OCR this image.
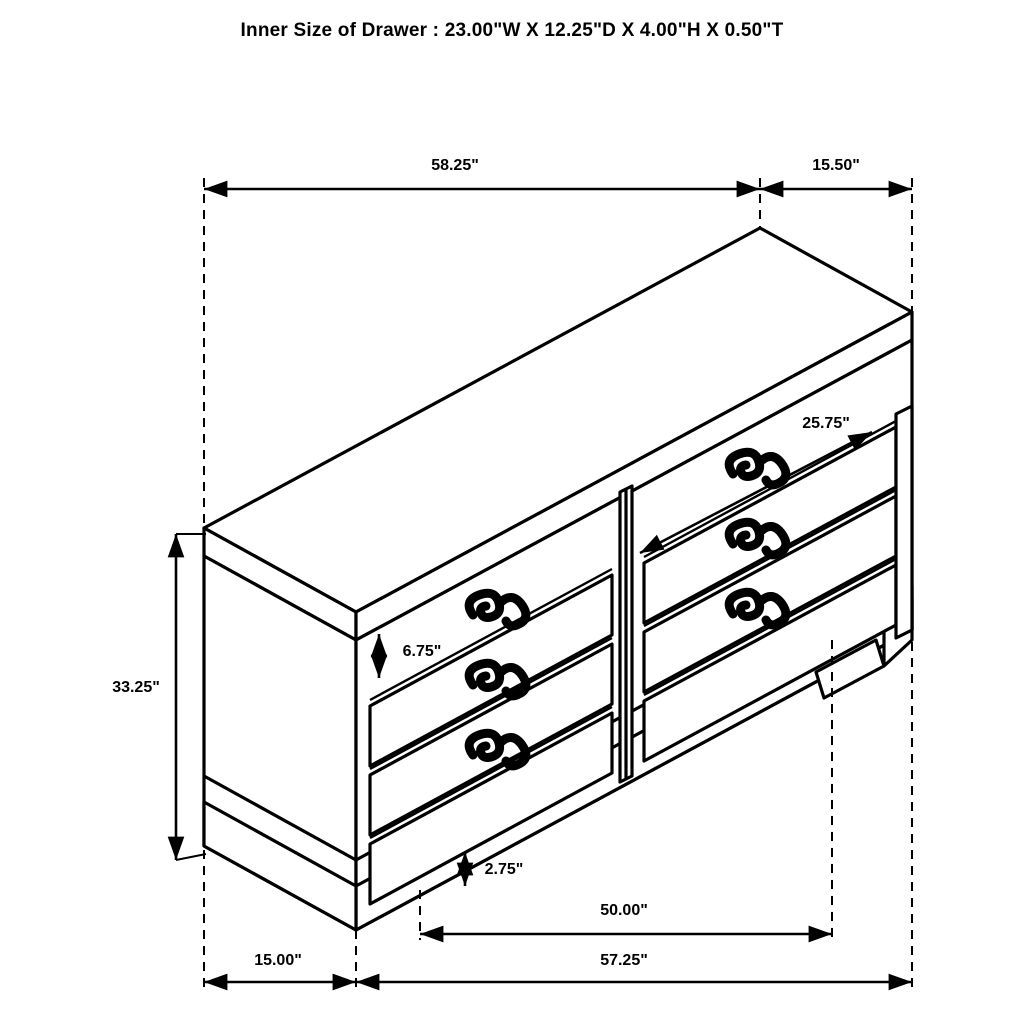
Inner Size of Drawer : 23.00"W X 12.25"D X 4.00"H X 0.50"T
58.25"	15.50"
25.75"
33.25"
6.75"
2.75"
50.00"
15.00"	57.25"
